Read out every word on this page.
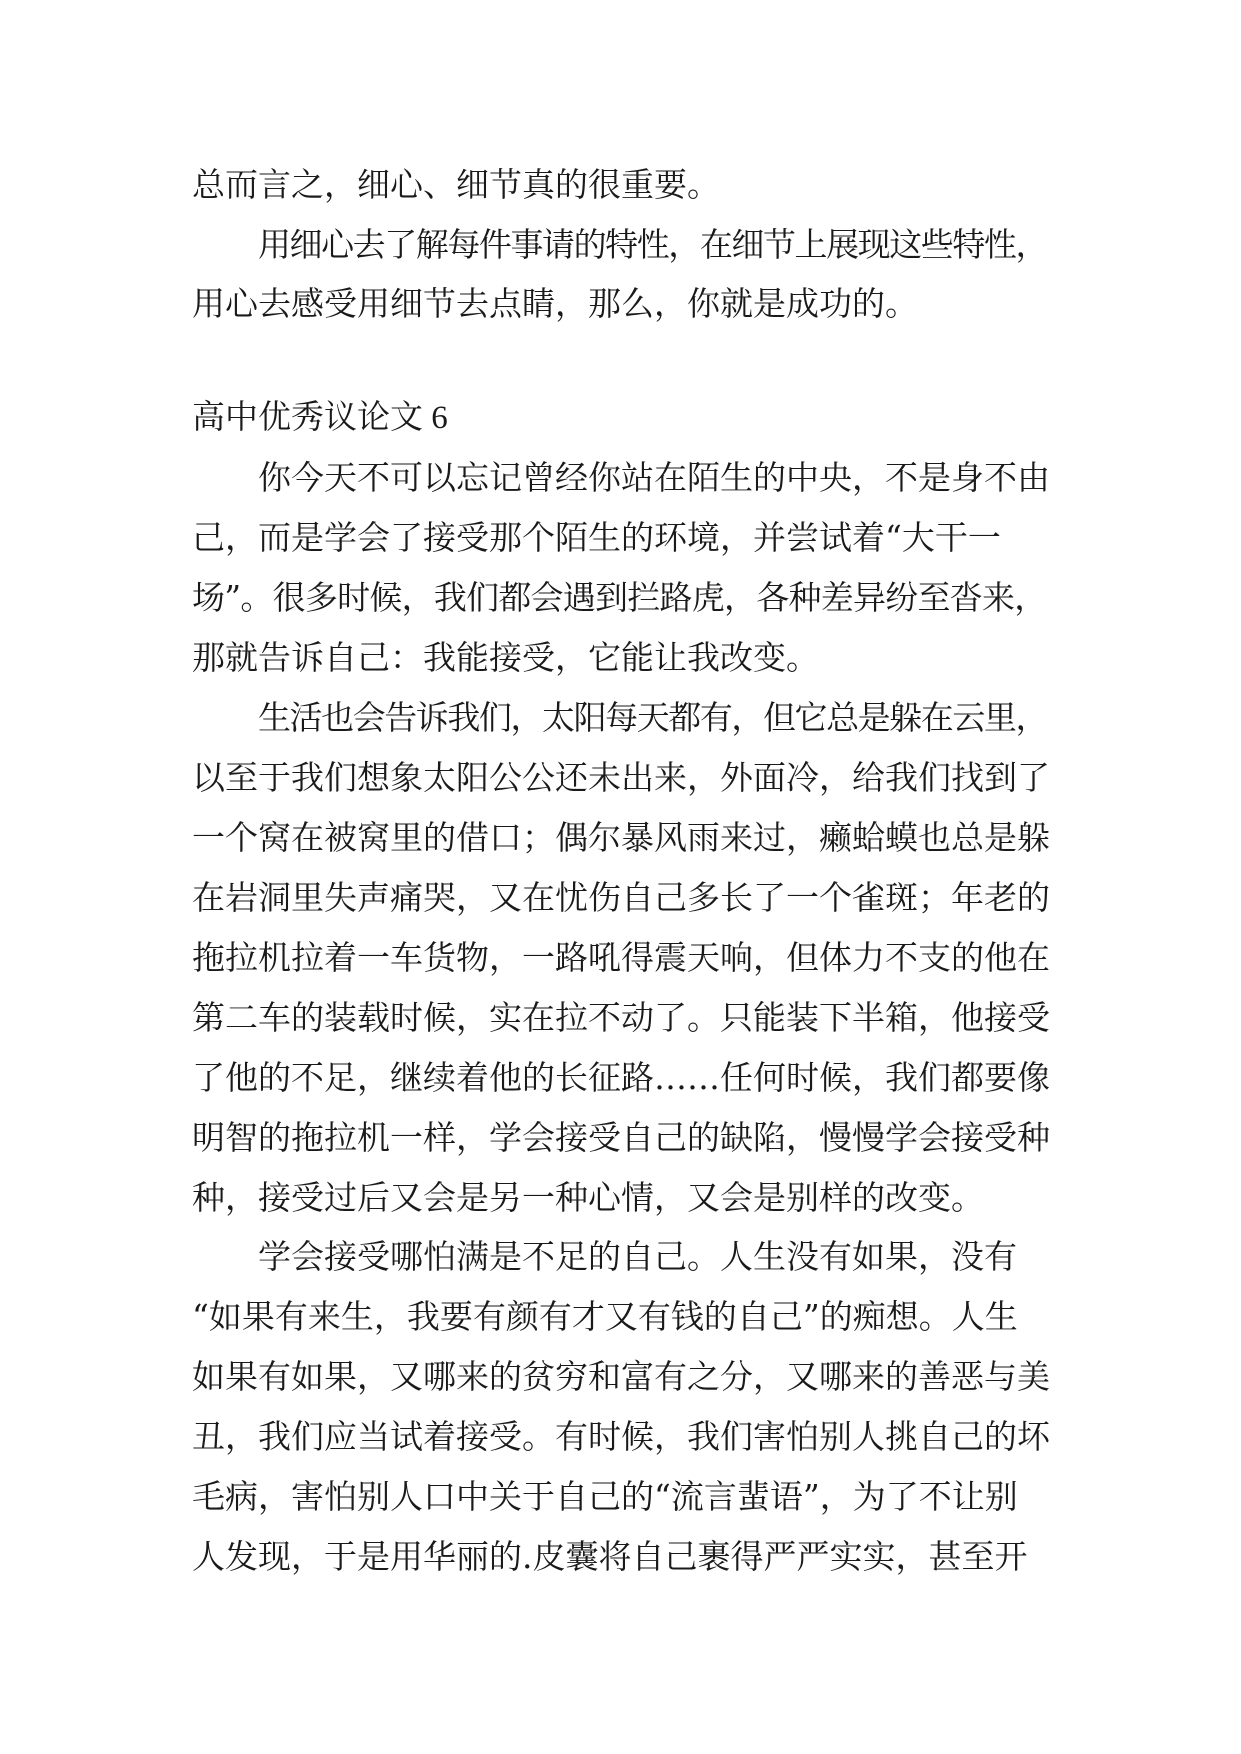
总而言之，细心、细节真的很重要。
用细心去了解每件事请的特性，在细节上展现这些特性，
用心去感受用细节去点睛，那么，你就是成功的。
高中优秀议论文 6
你今天不可以忘记曾经你站在陌生的中央，不是身不由
己，而是学会了接受那个陌生的环境，并尝试着“大干一
场”。很多时候，我们都会遇到拦路虎，各种差异纷至沓来，
那就告诉自己：我能接受，它能让我改变。
生活也会告诉我们，太阳每天都有，但它总是躲在云里，
以至于我们想象太阳公公还未出来，外面冷，给我们找到了
一个窝在被窝里的借口；偶尔暴风雨来过，癞蛤蟆也总是躲
在岩洞里失声痛哭，又在忧伤自己多长了一个雀斑；年老的
拖拉机拉着一车货物，一路吼得震天响，但体力不支的他在
第二车的装载时候，实在拉不动了。只能装下半箱，他接受
了他的不足，继续着他的长征路……任何时候，我们都要像
明智的拖拉机一样，学会接受自己的缺陷，慢慢学会接受种
种，接受过后又会是另一种心情，又会是别样的改变。
学会接受哪怕满是不足的自己。人生没有如果，没有
“如果有来生，我要有颜有才又有钱的自己”的痴想。人生
如果有如果，又哪来的贫穷和富有之分，又哪来的善恶与美
丑，我们应当试着接受。有时候，我们害怕别人挑自己的坏
毛病，害怕别人口中关于自己的“流言蜚语”，为了不让别
人发现，于是用华丽的.皮囊将自己裹得严严实实，甚至开
